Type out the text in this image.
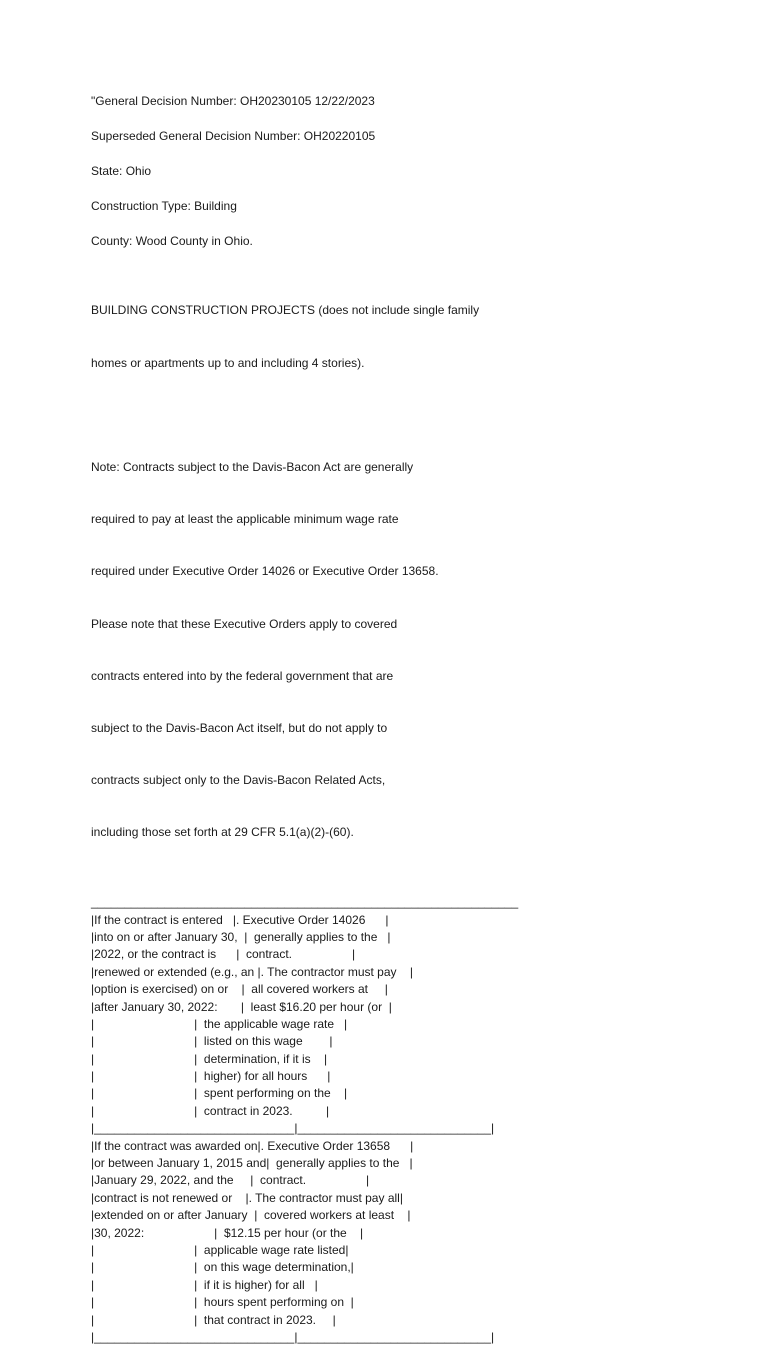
"General Decision Number: OH20230105 12/22/2023

Superseded General Decision Number: OH20220105

State: Ohio

Construction Type: Building

County: Wood County in Ohio.

BUILDING CONSTRUCTION PROJECTS (does not include single family

homes or apartments up to and including 4 stories).

Note: Contracts subject to the Davis-Bacon Act are generally

required to pay at least the applicable minimum wage rate

required under Executive Order 14026 or Executive Order 13658.

Please note that these Executive Orders apply to covered

contracts entered into by the federal government that are

subject to the Davis-Bacon Act itself, but do not apply to

contracts subject only to the Davis-Bacon Related Acts,

including those set forth at 29 CFR 5.1(a)(2)-(60).

________________________________________________________________
|If the contract is entered   |. Executive Order 14026      |
|into on or after January 30,  |  generally applies to the   |
|2022, or the contract is      |  contract.                  |
|renewed or extended (e.g., an |. The contractor must pay    |
|option is exercised) on or    |  all covered workers at     |
|after January 30, 2022:       |  least $16.20 per hour (or  |
|                              |  the applicable wage rate   |
|                              |  listed on this wage        |
|                              |  determination, if it is    |
|                              |  higher) for all hours      |
|                              |  spent performing on the    |
|                              |  contract in 2023.          |
|______________________________|_____________________________|
|If the contract was awarded on|. Executive Order 13658      |
|or between January 1, 2015 and|  generally applies to the   |
|January 29, 2022, and the     |  contract.                  |
|contract is not renewed or    |. The contractor must pay all|
|extended on or after January  |  covered workers at least    |
|30, 2022:                     |  $12.15 per hour (or the    |
|                              |  applicable wage rate listed|
|                              |  on this wage determination,|
|                              |  if it is higher) for all   |
|                              |  hours spent performing on  |
|                              |  that contract in 2023.     |
|______________________________|_____________________________|
